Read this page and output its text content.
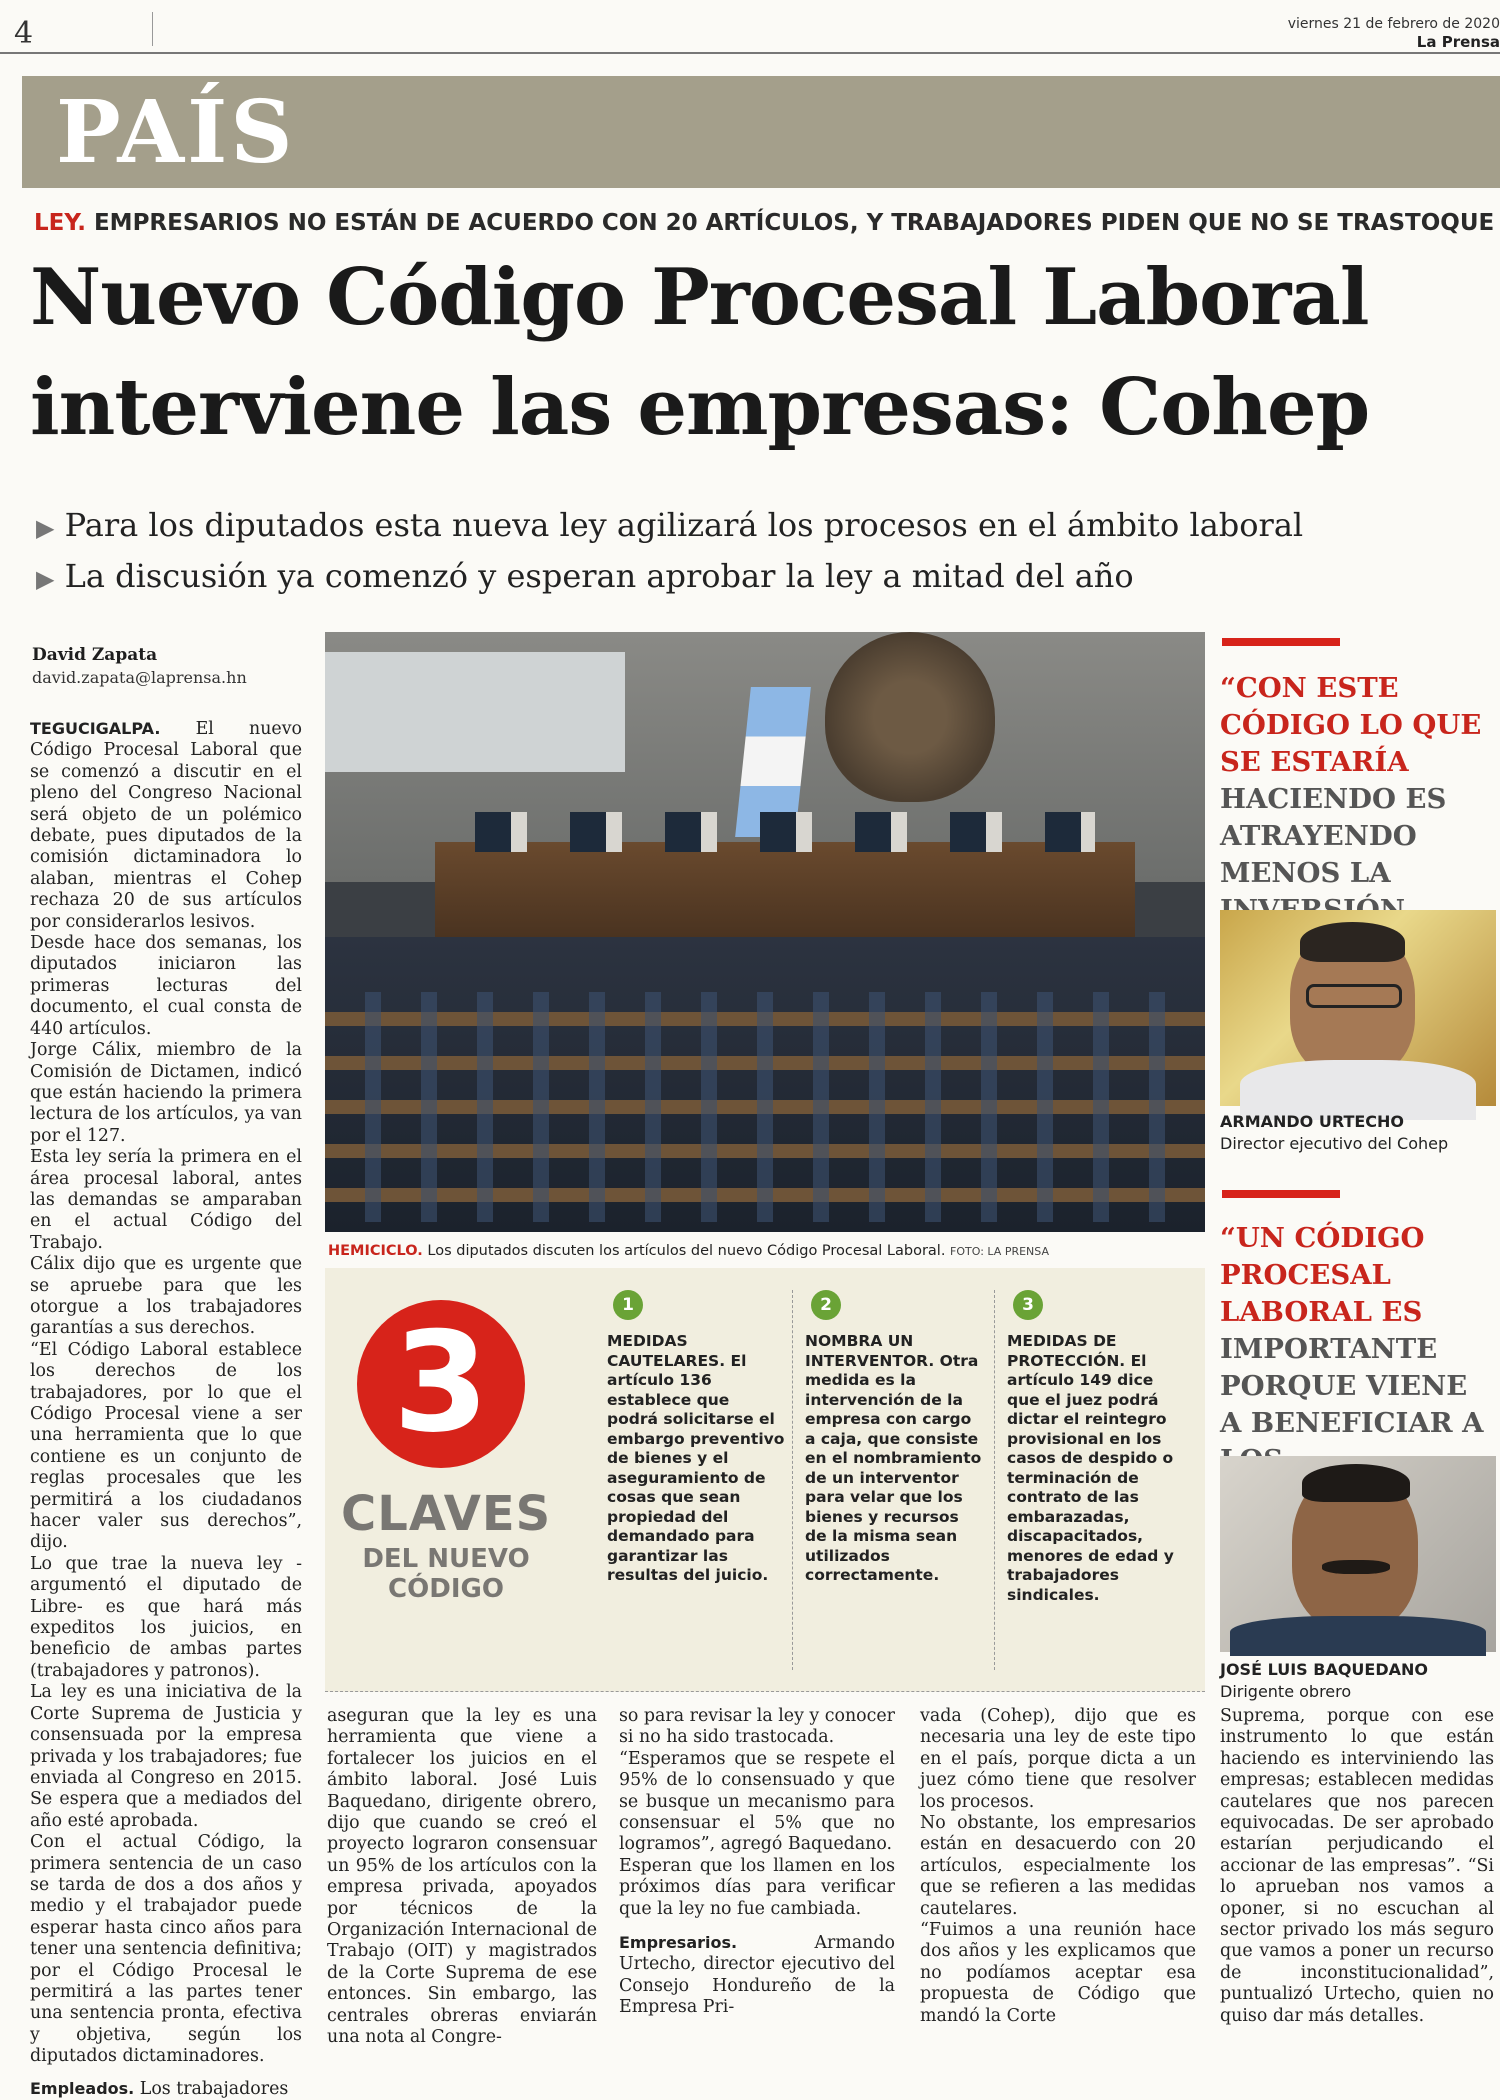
4	viernes 21 de febrero de 2020
La Prensa
PAÍS
LEY. EMPRESARIOS NO ESTÁN DE ACUERDO CON 20 ARTÍCULOS, Y TRABAJADORES PIDEN QUE NO SE TRASTOQUE
Nuevo Código Procesal Laboral
interviene las empresas: Cohep
▶ Para los diputados esta nueva ley agilizará los procesos en el ámbito laboral
▶ La discusión ya comenzó y esperan aprobar la ley a mitad del año
David Zapata
david.zapata@laprensa.hn

TEGUCIGALPA. El nuevo Código Procesal Laboral que se comenzó a discutir en el pleno del Congreso Nacional será objeto de un polémico debate, pues diputados de la comisión dictaminadora lo alaban, mientras el Cohep rechaza 20 de sus artículos por considerarlos lesivos.

Desde hace dos semanas, los diputados iniciaron las primeras lecturas del documento, el cual consta de 440 artículos.

Jorge Cálix, miembro de la Comisión de Dictamen, indicó que están haciendo la primera lectura de los artículos, ya van por el 127.

Esta ley sería la primera en el área procesal laboral, antes las demandas se amparaban en el actual Código del Trabajo.

Cálix dijo que es urgente que se apruebe para que les otorgue a los trabajadores garantías a sus derechos.

“El Código Laboral establece los derechos de los trabajadores, por lo que el Código Procesal viene a ser una herramienta que lo que contiene es un conjunto de reglas procesales que les permitirá a los ciudadanos hacer valer sus derechos”, dijo.

Lo que trae la nueva ley -argumentó el diputado de Libre- es que hará más expeditos los juicios, en beneficio de ambas partes (trabajadores y patronos).

La ley es una iniciativa de la Corte Suprema de Justicia y consensuada por la empresa privada y los trabajadores; fue enviada al Congreso en 2015. Se espera que a mediados del año esté aprobada.

Con el actual Código, la primera sentencia de un caso se tarda de dos a dos años y medio y el trabajador puede esperar hasta cinco años para tener una sentencia definitiva; por el Código Procesal le permitirá a las partes tener una sentencia pronta, efectiva y objetiva, según los diputados dictaminadores.

Empleados. Los trabajadores

HEMICICLO. Los diputados discuten los artículos del nuevo Código Procesal Laboral. FOTO: LA PRENSA
3
CLAVES
DEL NUEVO
CÓDIGO
1
MEDIDAS CAUTELARES. El artículo 136 establece que podrá solicitarse el embargo preventivo de bienes y el aseguramiento de cosas que sean propiedad del demandado para garantizar las resultas del juicio.
2
NOMBRA UN INTERVENTOR. Otra medida es la intervención de la empresa con cargo a caja, que consiste en el nombramiento de un interventor para velar que los bienes y recursos de la misma sean utilizados correctamente.
3
MEDIDAS DE PROTECCIÓN. El artículo 149 dice que el juez podrá dictar el reintegro provisional en los casos de despido o terminación de contrato de las embarazadas, discapacitados, menores de edad y trabajadores sindicales.

aseguran que la ley es una herramienta que viene a fortalecer los juicios en el ámbito laboral. José Luis Baquedano, dirigente obrero, dijo que cuando se creó el proyecto lograron consensuar un 95% de los artículos con la empresa privada, apoyados por técnicos de la Organización Internacional de Trabajo (OIT) y magistrados de la Corte Suprema de ese entonces. Sin embargo, las centrales obreras enviarán una nota al Congre-

so para revisar la ley y conocer si no ha sido trastocada.

“Esperamos que se respete el 95% de lo consensuado y que se busque un mecanismo para consensuar el 5% que no logramos”, agregó Baquedano.

Esperan que los llamen en los próximos días para verificar que la ley no fue cambiada.

Empresarios.	Armando Urtecho, director ejecutivo del Consejo Hondureño de la Empresa Pri-

vada (Cohep), dijo que es necesaria una ley de este tipo en el país, porque dicta a un juez cómo tiene que resolver los procesos.

No obstante, los empresarios están en desacuerdo con 20 artículos, especialmente los que se refieren a las medidas cautelares.

“Fuimos a una reunión hace dos años y les explicamos que no podíamos aceptar esa propuesta de Código que mandó la Corte

Suprema, porque con ese instrumento lo que están haciendo es interviniendo las empresas; establecen medidas cautelares que nos parecen equivocadas. De ser aprobado estarían perjudicando el accionar de las empresas”. “Si lo aprueban nos vamos a oponer, si no escuchan al sector privado los más seguro que vamos a poner un recurso de inconstitucionalidad”, puntualizó Urtecho, quien no quiso dar más detalles.

“CON ESTE CÓDIGO LO QUE SE ESTARÍA HACIENDO ES ATRAYENDO MENOS LA
ARMANDO URTECHO
Director ejecutivo del Cohep
“UN CÓDIGO PROCESAL LABORAL ES IMPORTANTE PORQUE VIENE A BENEFICIAR A
JOSÉ LUIS BAQUEDANO
Dirigente obrero
